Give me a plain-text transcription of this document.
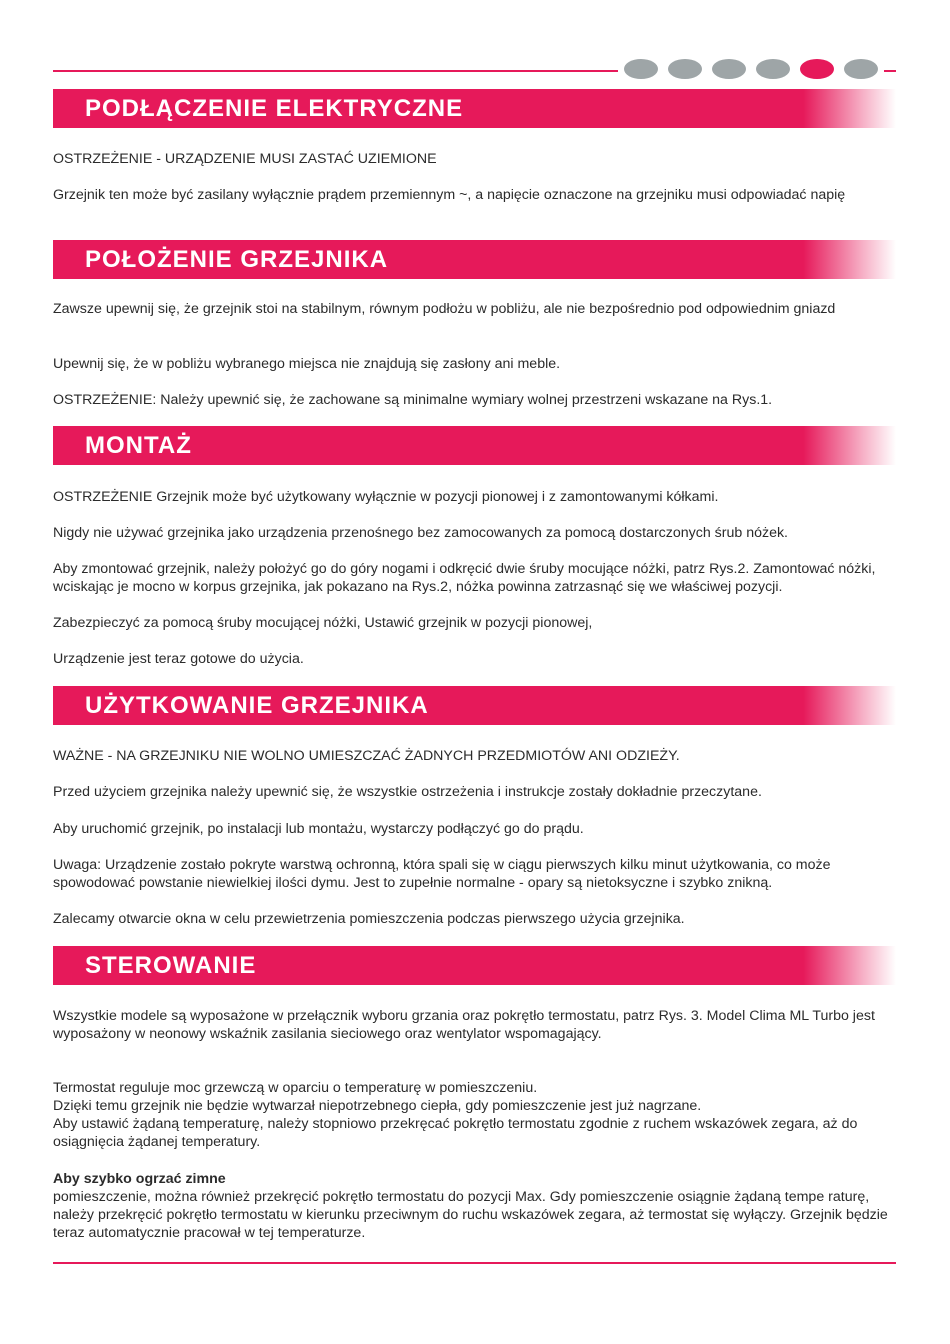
PODŁĄCZENIE ELEKTRYCZNE

OSTRZEŻENIE - URZĄDZENIE MUSI ZASTAĆ UZIEMIONE

Grzejnik ten może być zasilany wyłącznie prądem przemiennym ~, a napięcie oznaczone na grzejniku musi odpowiadać napię

POŁOŻENIE GRZEJNIKA

Zawsze upewnij się, że grzejnik stoi na stabilnym, równym podłożu w pobliżu, ale nie bezpośrednio pod odpowiednim gniazd

Upewnij się, że w pobliżu wybranego miejsca nie znajdują się zasłony ani meble.

OSTRZEŻENIE: Należy upewnić się, że zachowane są minimalne wymiary wolnej przestrzeni wskazane na Rys.1.

MONTAŻ

OSTRZEŻENIE Grzejnik może być użytkowany wyłącznie w pozycji pionowej i z zamontowanymi kółkami.

Nigdy nie używać grzejnika jako urządzenia przenośnego bez zamocowanych za pomocą dostarczonych śrub nóżek.

Aby zmontować grzejnik, należy położyć go do góry nogami i odkręcić dwie śruby mocujące nóżki, patrz Rys.2. Zamontować nóżki, wciskając je mocno w korpus grzejnika, jak pokazano na Rys.2, nóżka powinna zatrzasnąć się we właściwej pozycji.

Zabezpieczyć za pomocą śruby mocującej nóżki, Ustawić grzejnik w pozycji pionowej,

Urządzenie jest teraz gotowe do użycia.

UŻYTKOWANIE GRZEJNIKA

WAŻNE - NA GRZEJNIKU NIE WOLNO UMIESZCZAĆ ŻADNYCH PRZEDMIOTÓW ANI ODZIEŻY.

Przed użyciem grzejnika należy upewnić się, że wszystkie ostrzeżenia i instrukcje zostały dokładnie przeczytane.

Aby uruchomić grzejnik, po instalacji lub montażu, wystarczy podłączyć go do prądu.

Uwaga: Urządzenie zostało pokryte warstwą ochronną, która spali się w ciągu pierwszych kilku minut użytkowania, co może spowodować powstanie niewielkiej ilości dymu. Jest to zupełnie normalne - opary są nietoksyczne i szybko znikną.

Zalecamy otwarcie okna w celu przewietrzenia pomieszczenia podczas pierwszego użycia grzejnika.

STEROWANIE

Wszystkie modele są wyposażone w przełącznik wyboru grzania oraz pokrętło termostatu, patrz Rys. 3. Model Clima ML Turbo jest wyposażony w neonowy wskaźnik zasilania sieciowego oraz wentylator wspomagający.

Termostat reguluje moc grzewczą w oparciu o temperaturę w pomieszczeniu.

Dzięki temu grzejnik nie będzie wytwarzał niepotrzebnego ciepła, gdy pomieszczenie jest już nagrzane.

Aby ustawić żądaną temperaturę, należy stopniowo przekręcać pokrętło termostatu zgodnie z ruchem wskazówek zegara, aż do osiągnięcia żądanej temperatury.

Aby szybko ogrzać zimne

pomieszczenie, można również przekręcić pokrętło termostatu do pozycji Max. Gdy pomieszczenie osiągnie żądaną tempe raturę, należy przekręcić pokrętło termostatu w kierunku przeciwnym do ruchu wskazówek zegara, aż termostat się wyłączy. Grzejnik będzie teraz automatycznie pracował w tej temperaturze.
